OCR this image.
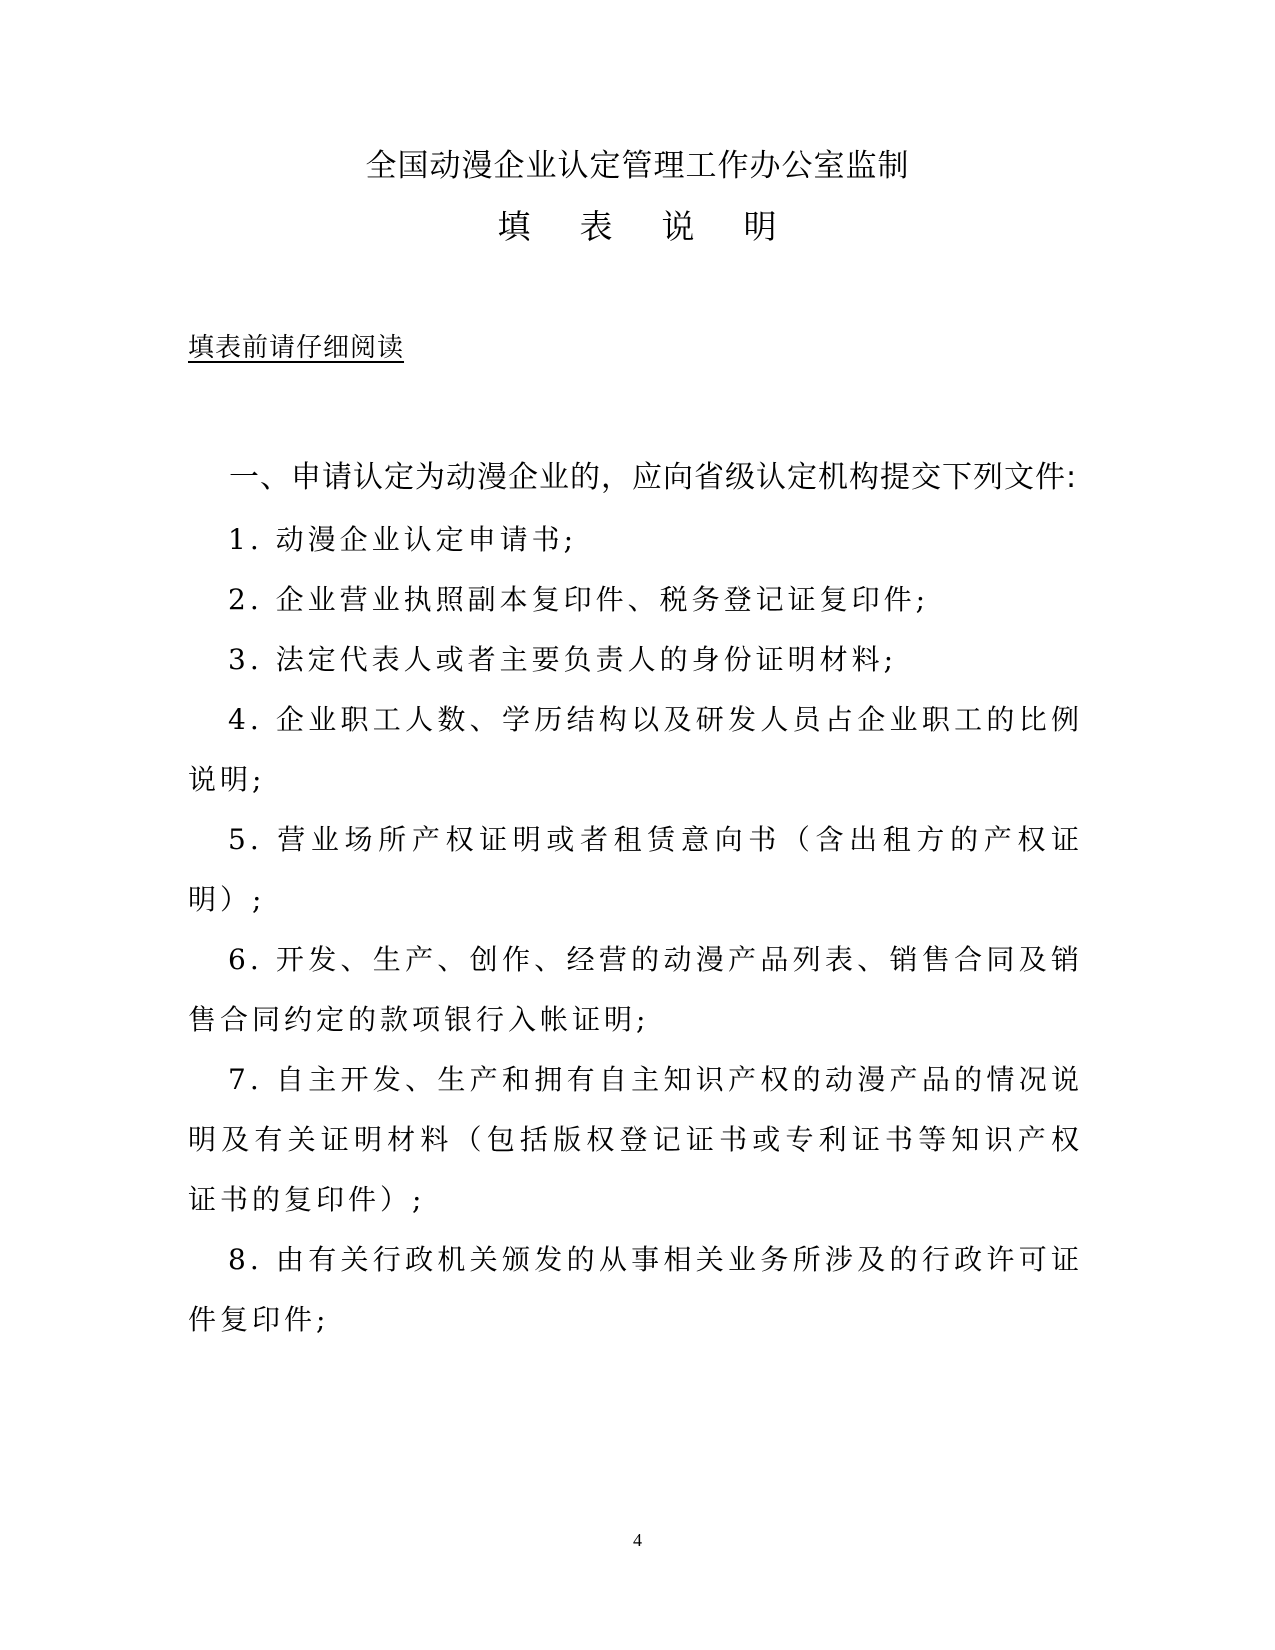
全国动漫企业认定管理工作办公室监制
填 表 说 明
填表前请仔细阅读

一、申请认定为动漫企业的，应向省级认定机构提交下列文件:

1. 动漫企业认定申请书;

2. 企业营业执照副本复印件、税务登记证复印件;

3. 法定代表人或者主要负责人的身份证明材料;

4. 企业职工人数、学历结构以及研发人员占企业职工的比例说明;

5. 营业场所产权证明或者租赁意向书（含出租方的产权证明）;

6. 开发、生产、创作、经营的动漫产品列表、销售合同及销售合同约定的款项银行入帐证明;

7. 自主开发、生产和拥有自主知识产权的动漫产品的情况说明及有关证明材料（包括版权登记证书或专利证书等知识产权证书的复印件）;

8. 由有关行政机关颁发的从事相关业务所涉及的行政许可证件复印件;

4
